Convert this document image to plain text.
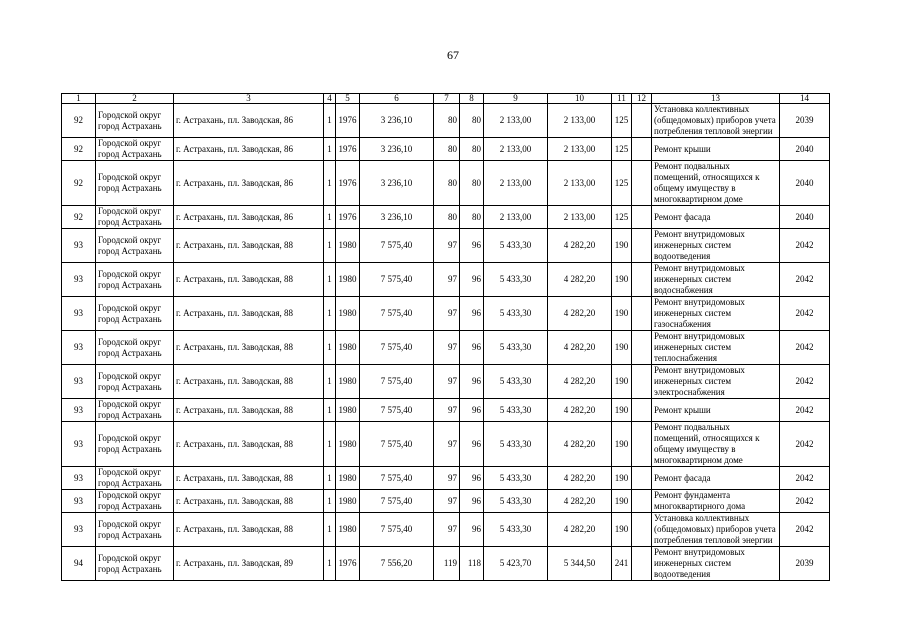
67
1	2	3	4	5	6	7	8	9	10	11	12	13	14
92	Городской округ город Астрахань	г. Астрахань, пл. Заводская, 86	1	1976	3 236,10	80	80	2 133,00	2 133,00	125		Установка коллективных (общедомовых) приборов учета потребления тепловой энергии	2039
92	Городской округ город Астрахань	г. Астрахань, пл. Заводская, 86	1	1976	3 236,10	80	80	2 133,00	2 133,00	125		Ремонт крыши	2040
92	Городской округ город Астрахань	г. Астрахань, пл. Заводская, 86	1	1976	3 236,10	80	80	2 133,00	2 133,00	125		Ремонт подвальных помещений, относящихся к общему имуществу в многоквартирном доме	2040
92	Городской округ город Астрахань	г. Астрахань, пл. Заводская, 86	1	1976	3 236,10	80	80	2 133,00	2 133,00	125		Ремонт фасада	2040
93	Городской округ город Астрахань	г. Астрахань, пл. Заводская, 88	1	1980	7 575,40	97	96	5 433,30	4 282,20	190		Ремонт внутридомовых инженерных систем водоотведения	2042
93	Городской округ город Астрахань	г. Астрахань, пл. Заводская, 88	1	1980	7 575,40	97	96	5 433,30	4 282,20	190		Ремонт внутридомовых инженерных систем водоснабжения	2042
93	Городской округ город Астрахань	г. Астрахань, пл. Заводская, 88	1	1980	7 575,40	97	96	5 433,30	4 282,20	190		Ремонт внутридомовых инженерных систем газоснабжения	2042
93	Городской округ город Астрахань	г. Астрахань, пл. Заводская, 88	1	1980	7 575,40	97	96	5 433,30	4 282,20	190		Ремонт внутридомовых инженерных систем теплоснабжения	2042
93	Городской округ город Астрахань	г. Астрахань, пл. Заводская, 88	1	1980	7 575,40	97	96	5 433,30	4 282,20	190		Ремонт внутридомовых инженерных систем электроснабжения	2042
93	Городской округ город Астрахань	г. Астрахань, пл. Заводская, 88	1	1980	7 575,40	97	96	5 433,30	4 282,20	190		Ремонт крыши	2042
93	Городской округ город Астрахань	г. Астрахань, пл. Заводская, 88	1	1980	7 575,40	97	96	5 433,30	4 282,20	190		Ремонт подвальных помещений, относящихся к общему имуществу в многоквартирном доме	2042
93	Городской округ город Астрахань	г. Астрахань, пл. Заводская, 88	1	1980	7 575,40	97	96	5 433,30	4 282,20	190		Ремонт фасада	2042
93	Городской округ город Астрахань	г. Астрахань, пл. Заводская, 88	1	1980	7 575,40	97	96	5 433,30	4 282,20	190		Ремонт фундамента многоквартирного дома	2042
93	Городской округ город Астрахань	г. Астрахань, пл. Заводская, 88	1	1980	7 575,40	97	96	5 433,30	4 282,20	190		Установка коллективных (общедомовых) приборов учета потребления тепловой энергии	2042
94	Городской округ город Астрахань	г. Астрахань, пл. Заводская, 89	1	1976	7 556,20	119	118	5 423,70	5 344,50	241		Ремонт внутридомовых инженерных систем водоотведения	2039
